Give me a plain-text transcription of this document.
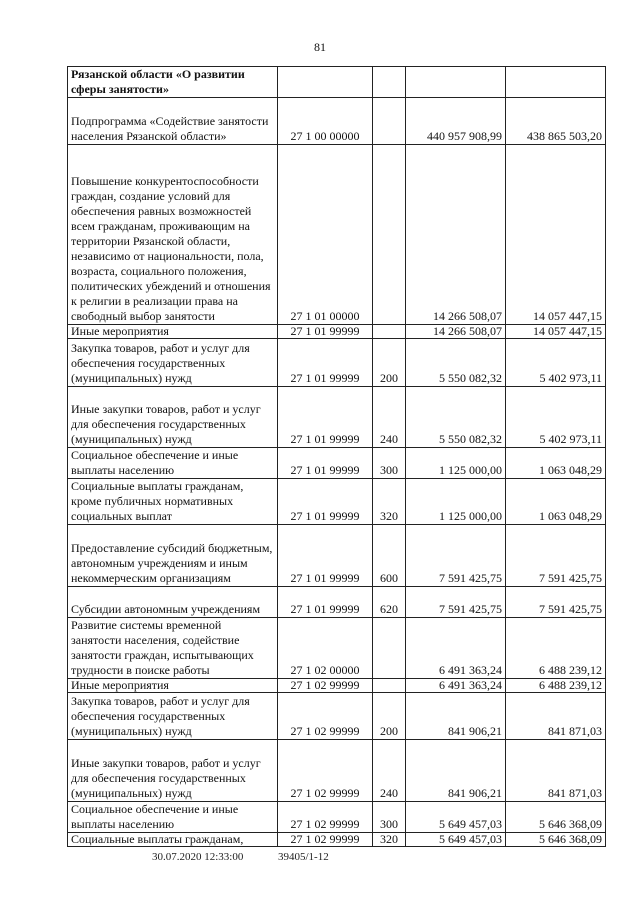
81
Рязанской области «О развитии сферы занятости»				
Подпрограмма «Содействие занятости населения Рязанской области»	27 1 00 00000		440 957 908,99	438 865 503,20
Повышение конкурентоспособности граждан, создание условий для обеспечения равных возможностей всем гражданам, проживающим на территории Рязанской области, независимо от национальности, пола, возраста, социального положения, политических убеждений и отношения к религии в реализации права на свободный выбор занятости	27 1 01 00000		14 266 508,07	14 057 447,15
Иные мероприятия	27 1 01 99999		14 266 508,07	14 057 447,15
Закупка товаров, работ и услуг для обеспечения государственных (муниципальных) нужд	27 1 01 99999	200	5 550 082,32	5 402 973,11
Иные закупки товаров, работ и услуг для обеспечения государственных (муниципальных) нужд	27 1 01 99999	240	5 550 082,32	5 402 973,11
Социальное обеспечение и иные выплаты населению	27 1 01 99999	300	1 125 000,00	1 063 048,29
Социальные выплаты гражданам, кроме публичных нормативных социальных выплат	27 1 01 99999	320	1 125 000,00	1 063 048,29
Предоставление субсидий бюджетным, автономным учреждениям и иным некоммерческим организациям	27 1 01 99999	600	7 591 425,75	7 591 425,75
Субсидии автономным учреждениям	27 1 01 99999	620	7 591 425,75	7 591 425,75
Развитие системы временной занятости населения, содействие занятости граждан, испытывающих трудности в поиске работы	27 1 02 00000		6 491 363,24	6 488 239,12
Иные мероприятия	27 1 02 99999		6 491 363,24	6 488 239,12
Закупка товаров, работ и услуг для обеспечения государственных (муниципальных) нужд	27 1 02 99999	200	841 906,21	841 871,03
Иные закупки товаров, работ и услуг для обеспечения государственных (муниципальных) нужд	27 1 02 99999	240	841 906,21	841 871,03
Социальное обеспечение и иные выплаты населению	27 1 02 99999	300	5 649 457,03	5 646 368,09
Социальные выплаты гражданам,	27 1 02 99999	320	5 649 457,03	5 646 368,09
30.07.2020 12:33:00	39405/1-12
